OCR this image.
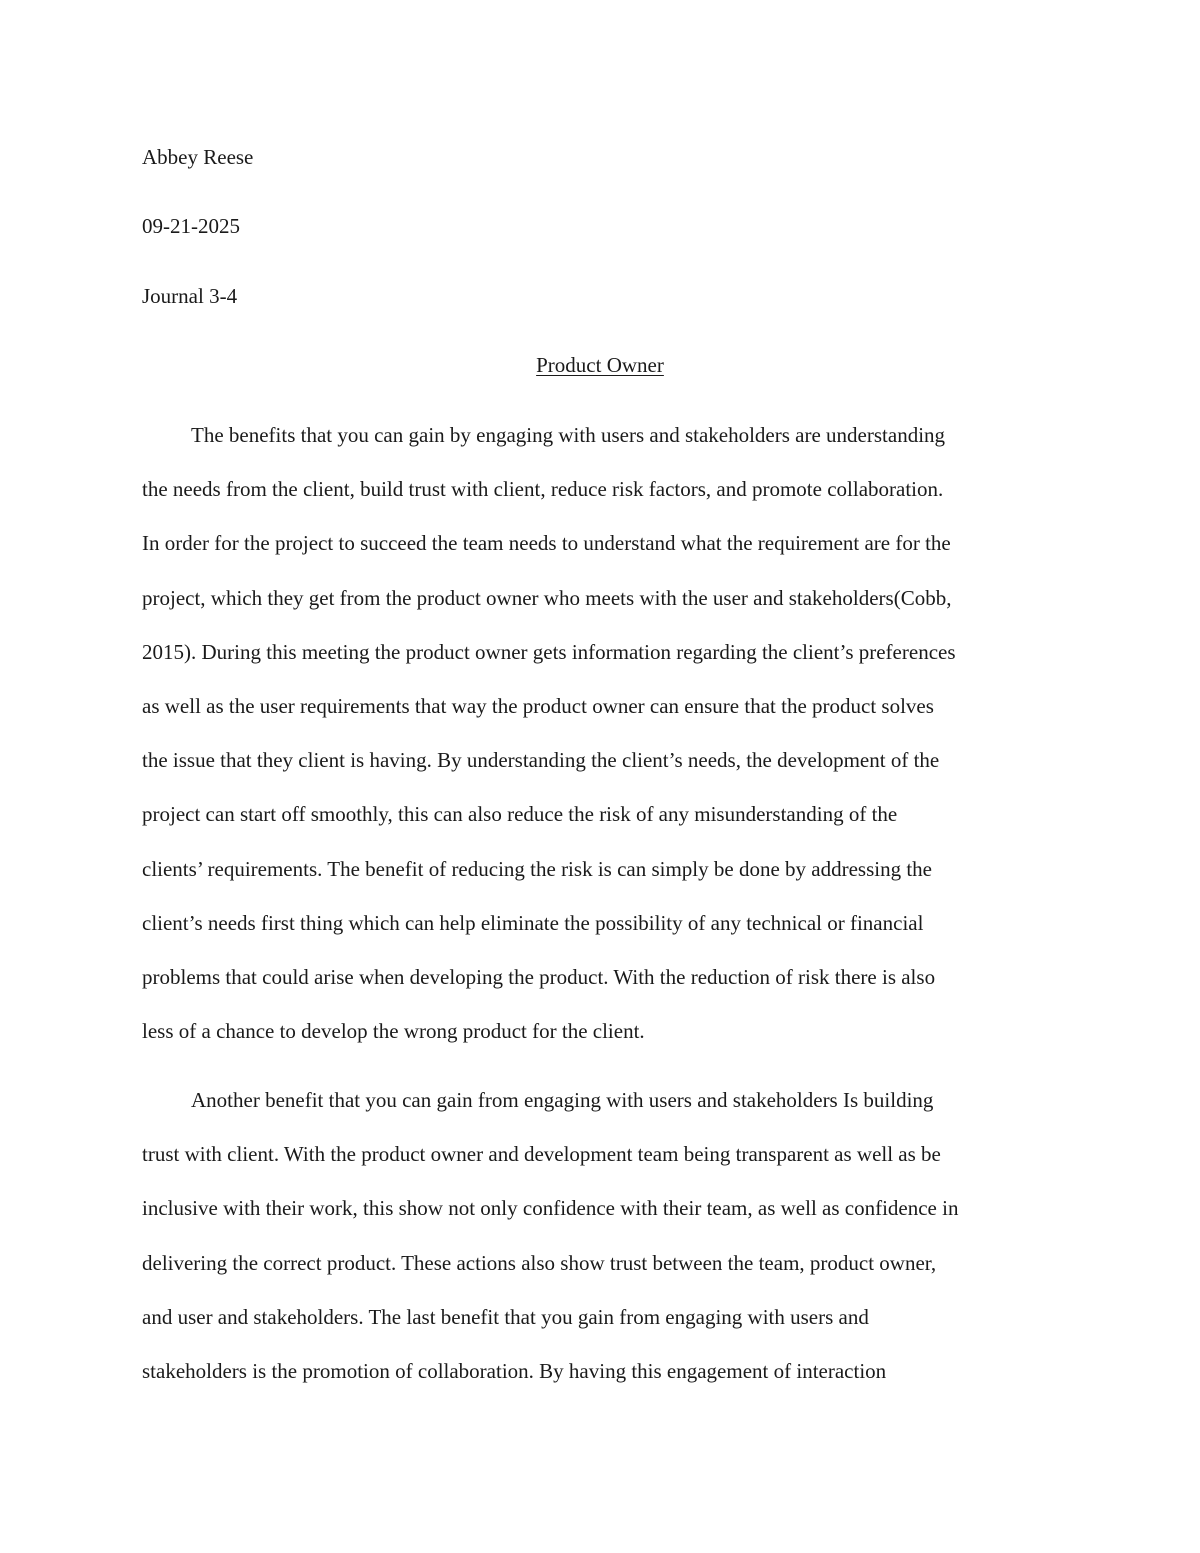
Abbey Reese
09-21-2025
Journal 3-4
Product Owner
The benefits that you can gain by engaging with users and stakeholders are understanding
the needs from the client, build trust with client, reduce risk factors, and promote collaboration.
In order for the project to succeed the team needs to understand what the requirement are for the
project, which they get from the product owner who meets with the user and stakeholders(Cobb,
2015). During this meeting the product owner gets information regarding the client’s preferences
as well as the user requirements that way the product owner can ensure that the product solves
the issue that they client is having. By understanding the client’s needs, the development of the
project can start off smoothly, this can also reduce the risk of any misunderstanding of the
clients’ requirements. The benefit of reducing the risk is can simply be done by addressing the
client’s needs first thing which can help eliminate the possibility of any technical or financial
problems that could arise when developing the product. With the reduction of risk there is also
less of a chance to develop the wrong product for the client.
Another benefit that you can gain from engaging with users and stakeholders Is building
trust with client. With the product owner and development team being transparent as well as be
inclusive with their work, this show not only confidence with their team, as well as confidence in
delivering the correct product. These actions also show trust between the team, product owner,
and user and stakeholders. The last benefit that you gain from engaging with users and
stakeholders is the promotion of collaboration. By having this engagement of interaction
